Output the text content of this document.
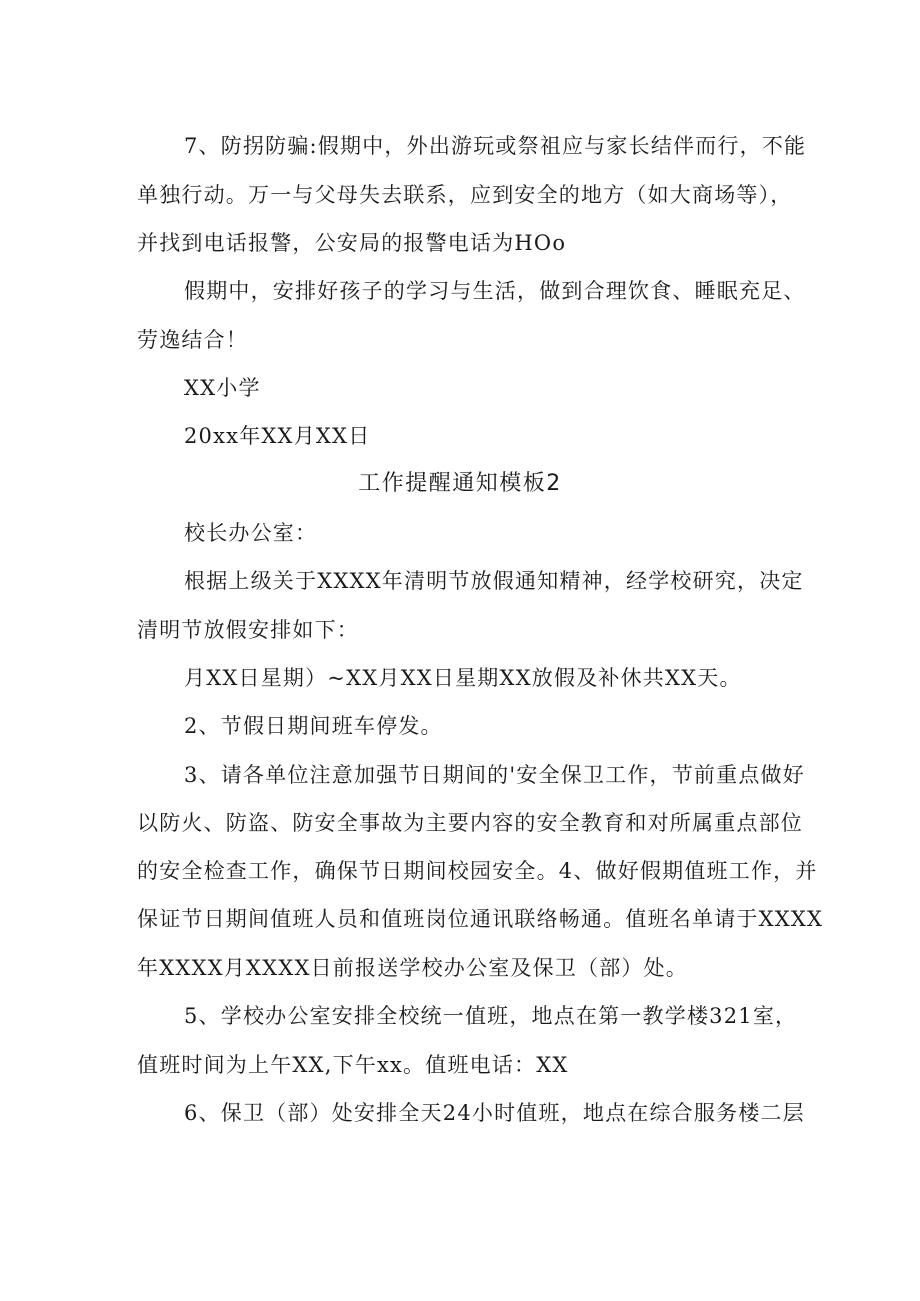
7、防拐防骗:假期中，外出游玩或祭祖应与家长结伴而行，不能
单独行动。万一与父母失去联系，应到安全的地方（如大商场等），
并找到电话报警，公安局的报警电话为HOo
假期中，安排好孩子的学习与生活，做到合理饮食、睡眠充足、
劳逸结合！
XX小学
20xx年XX月XX日
工作提醒通知模板2
校长办公室：
根据上级关于XXXX年清明节放假通知精神，经学校研究，决定
清明节放假安排如下：
月XX日星期）~XX月XX日星期XX放假及补休共XX天。
2、节假日期间班车停发。
3、请各单位注意加强节日期间的'安全保卫工作，节前重点做好
以防火、防盗、防安全事故为主要内容的安全教育和对所属重点部位
的安全检查工作，确保节日期间校园安全。4、做好假期值班工作，并
保证节日期间值班人员和值班岗位通讯联络畅通。值班名单请于XXXX
年XXXX月XXXX日前报送学校办公室及保卫（部）处。
5、学校办公室安排全校统一值班，地点在第一教学楼321室，
值班时间为上午XX,下午xx。值班电话：XX
6、保卫（部）处安排全天24小时值班，地点在综合服务楼二层
